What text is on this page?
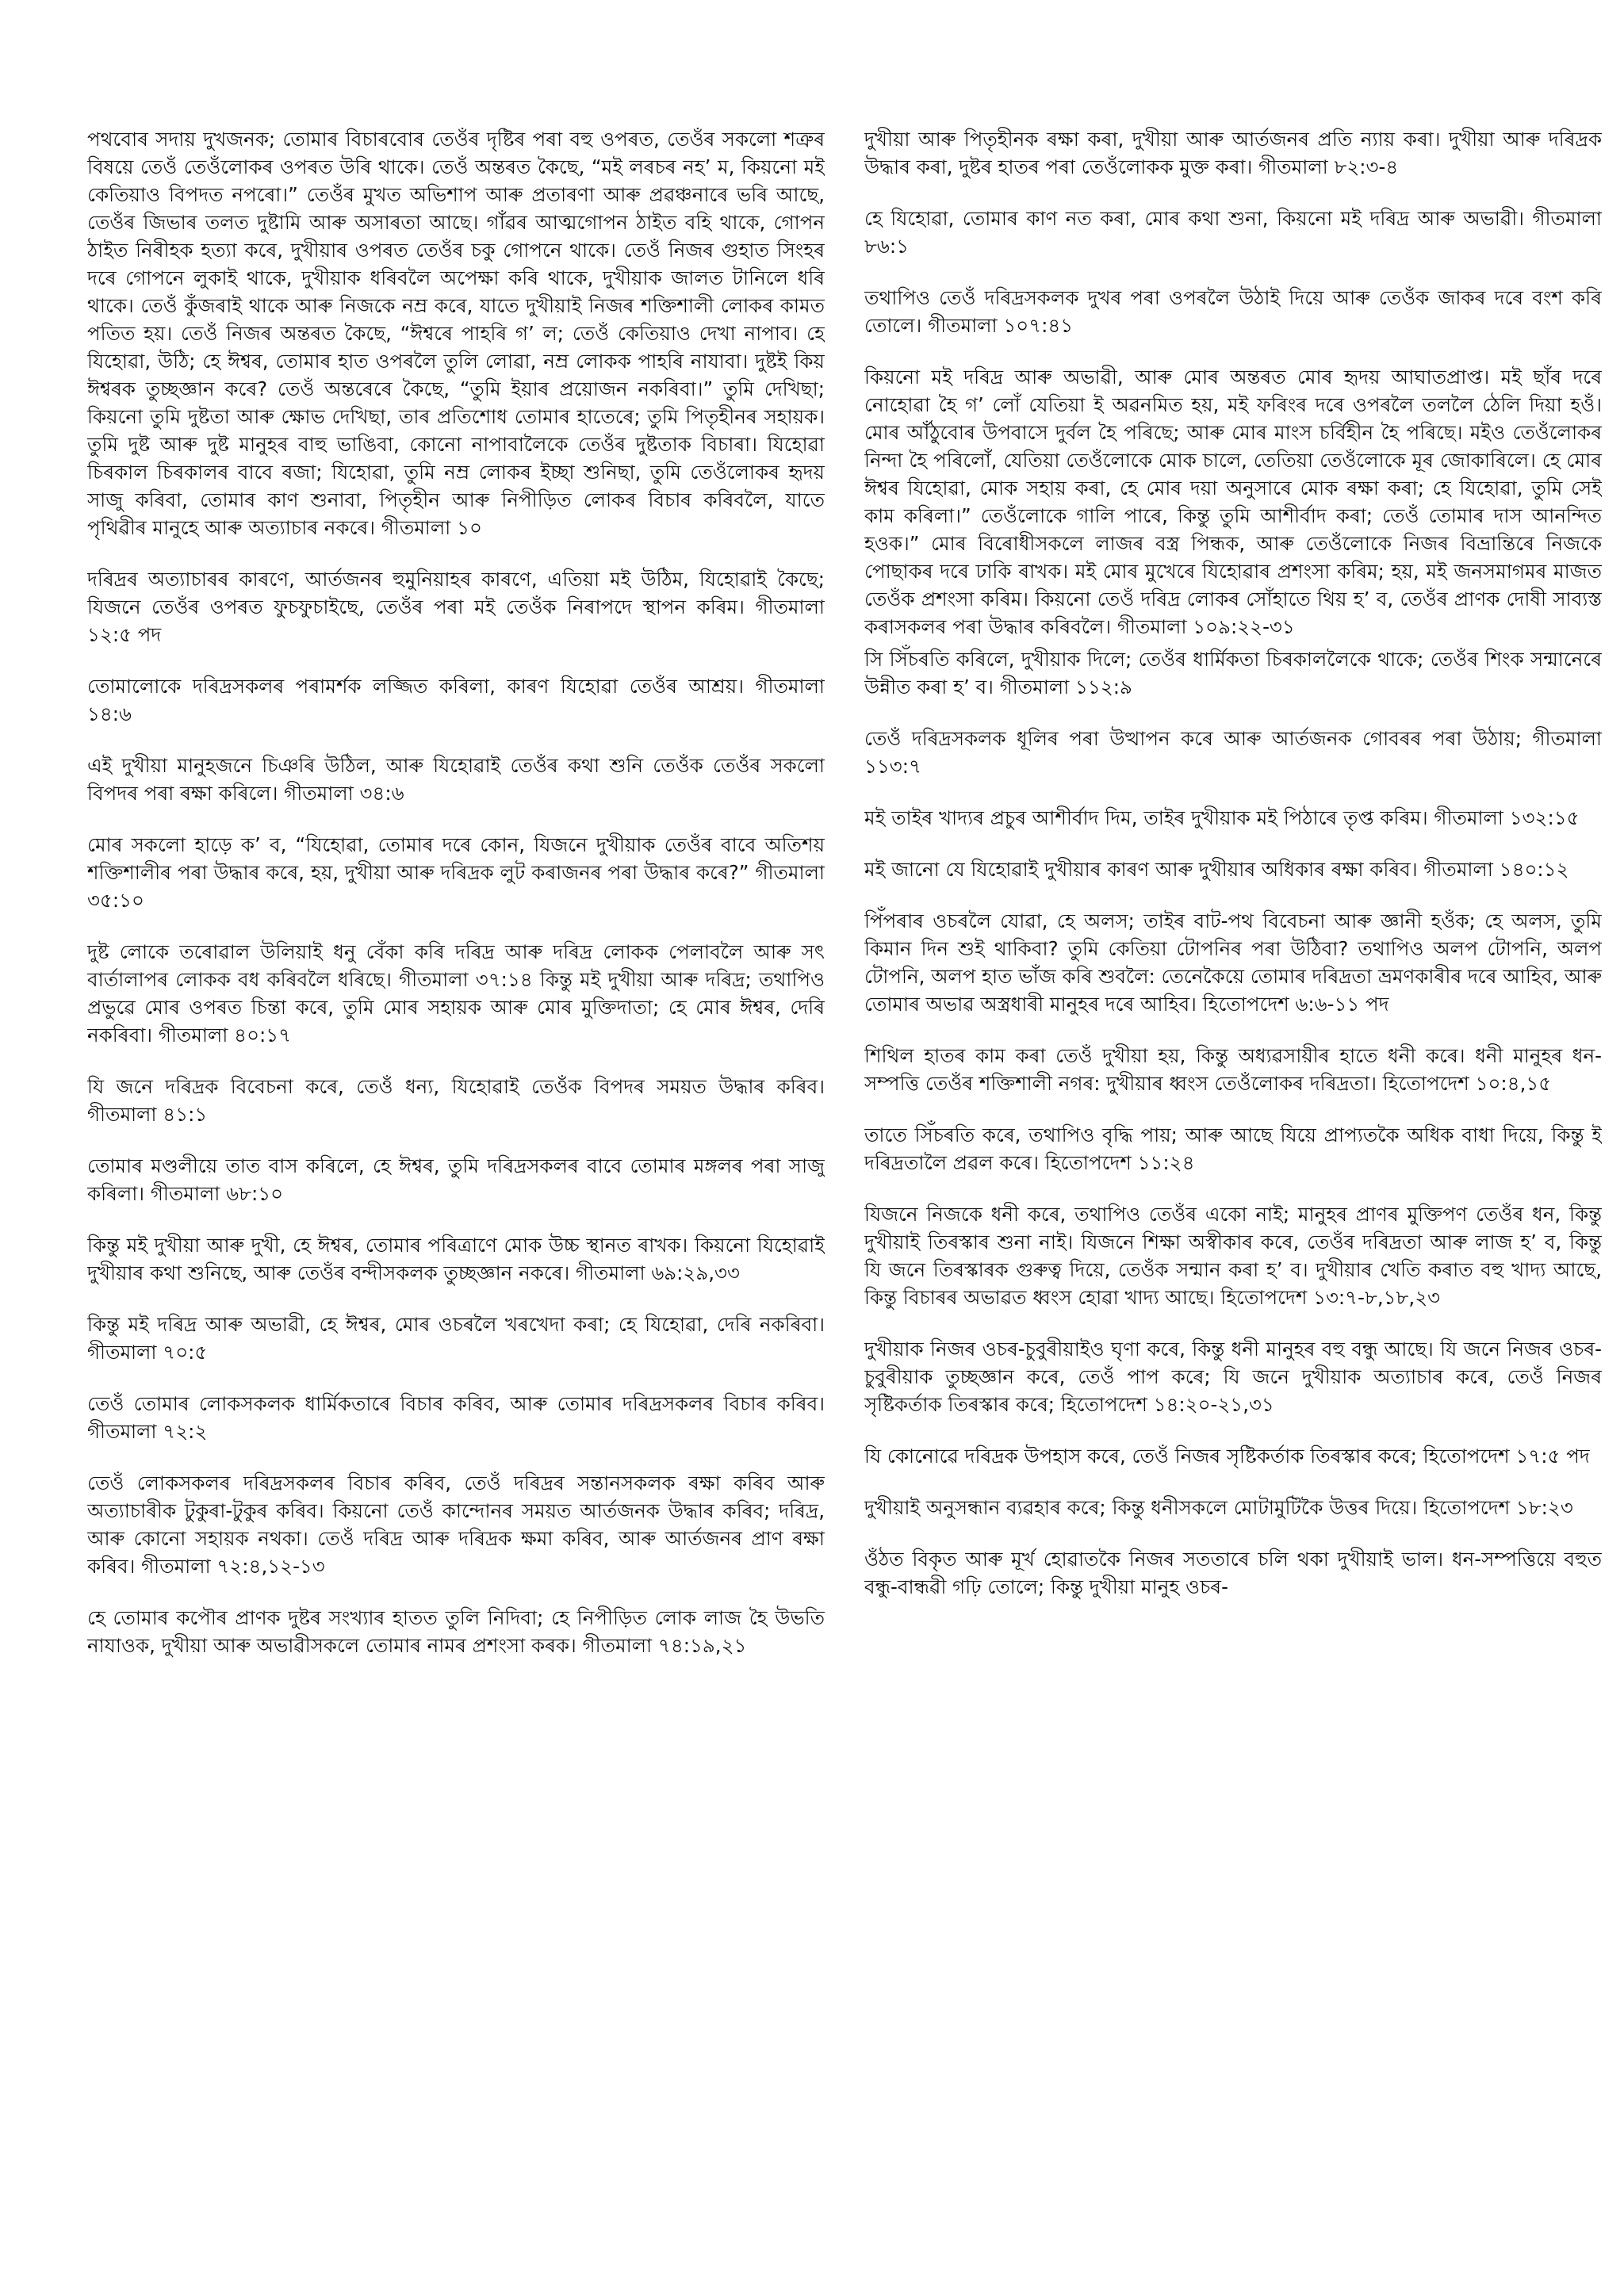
পথবোৰ সদায় দুখজনক; তোমাৰ বিচাৰবোৰ তেওঁৰ দৃষ্টিৰ পৰা বহু ওপৰত, তেওঁৰ সকলো শত্ৰুৰ বিষয়ে তেওঁ তেওঁলোকৰ ওপৰত উৰি থাকে। তেওঁ অন্তৰত কৈছে, “মই লৰচৰ নহ’ ম, কিয়নো মই কেতিয়াও বিপদত নপৰো।” তেওঁৰ মুখত অভিশাপ আৰু প্ৰতাৰণা আৰু প্ৰৱঞ্চনাৰে ভৰি আছে, তেওঁৰ জিভাৰ তলত দুষ্টামি আৰু অসাৰতা আছে। গাঁৱৰ আত্মগোপন ঠাইত বহি থাকে, গোপন ঠাইত নিৰীহক হত্যা কৰে, দুখীয়াৰ ওপৰত তেওঁৰ চকু গোপনে থাকে। তেওঁ নিজৰ গুহাত সিংহৰ দৰে গোপনে লুকাই থাকে, দুখীয়াক ধৰিবলৈ অপেক্ষা কৰি থাকে, দুখীয়াক জালত টানিলে ধৰি থাকে। তেওঁ কুঁজৰাই থাকে আৰু নিজকে নম্ৰ কৰে, যাতে দুখীয়াই নিজৰ শক্তিশালী লোকৰ কামত পতিত হয়। তেওঁ নিজৰ অন্তৰত কৈছে, “ঈশ্বৰে পাহৰি গ’ ল; তেওঁ কেতিয়াও দেখা নাপাব। হে যিহোৱা, উঠি; হে ঈশ্বৰ, তোমাৰ হাত ওপৰলৈ তুলি লোৱা, নম্ৰ লোকক পাহৰি নাযাবা। দুষ্টই কিয় ঈশ্বৰক তুচ্ছজ্ঞান কৰে? তেওঁ অন্তৰেৰে কৈছে, “তুমি ইয়াৰ প্ৰয়োজন নকৰিবা।” তুমি দেখিছা; কিয়নো তুমি দুষ্টতা আৰু ক্ষোভ দেখিছা, তাৰ প্ৰতিশোধ তোমাৰ হাতেৰে; তুমি পিতৃহীনৰ সহায়ক। তুমি দুষ্ট আৰু দুষ্ট মানুহৰ বাহু ভাঙিবা, কোনো নাপাবালৈকে তেওঁৰ দুষ্টতাক বিচাৰা। যিহোৱা চিৰকাল চিৰকালৰ বাবে ৰজা; যিহোৱা, তুমি নম্ৰ লোকৰ ইচ্ছা শুনিছা, তুমি তেওঁলোকৰ হৃদয় সাজু কৰিবা, তোমাৰ কাণ শুনাবা, পিতৃহীন আৰু নিপীড়িত লোকৰ বিচাৰ কৰিবলৈ, যাতে পৃথিৱীৰ মানুহে আৰু অত্যাচাৰ নকৰে। গীতমালা ১০

দৰিদ্ৰৰ অত্যাচাৰৰ কাৰণে, আৰ্তজনৰ হুমুনিয়াহৰ কাৰণে, এতিয়া মই উঠিম, যিহোৱাই কৈছে; যিজনে তেওঁৰ ওপৰত ফুচফুচাইছে, তেওঁৰ পৰা মই তেওঁক নিৰাপদে স্থাপন কৰিম। গীতমালা ১২:৫ পদ

তোমালোকে দৰিদ্ৰসকলৰ পৰামৰ্শক লজ্জিত কৰিলা, কাৰণ যিহোৱা তেওঁৰ আশ্ৰয়। গীতমালা ১৪:৬

এই দুখীয়া মানুহজনে চিঞৰি উঠিল, আৰু যিহোৱাই তেওঁৰ কথা শুনি তেওঁক তেওঁৰ সকলো বিপদৰ পৰা ৰক্ষা কৰিলে। গীতমালা ৩৪:৬

মোৰ সকলো হাড়ে ক’ ব, “যিহোৱা, তোমাৰ দৰে কোন, যিজনে দুখীয়াক তেওঁৰ বাবে অতিশয় শক্তিশালীৰ পৰা উদ্ধাৰ কৰে, হয়, দুখীয়া আৰু দৰিদ্ৰক লুট কৰাজনৰ পৰা উদ্ধাৰ কৰে?” গীতমালা ৩৫:১০

দুষ্ট লোকে তৰোৱাল উলিয়াই ধনু বেঁকা কৰি দৰিদ্ৰ আৰু দৰিদ্ৰ লোকক পেলাবলৈ আৰু সৎ বাৰ্তালাপৰ লোকক বধ কৰিবলৈ ধৰিছে। গীতমালা ৩৭:১৪ কিন্তু মই দুখীয়া আৰু দৰিদ্ৰ; তথাপিও প্ৰভুৱে মোৰ ওপৰত চিন্তা কৰে, তুমি মোৰ সহায়ক আৰু মোৰ মুক্তিদাতা; হে মোৰ ঈশ্বৰ, দেৰি নকৰিবা। গীতমালা ৪০:১৭

যি জনে দৰিদ্ৰক বিবেচনা কৰে, তেওঁ ধন্য, যিহোৱাই তেওঁক বিপদৰ সময়ত উদ্ধাৰ কৰিব। গীতমালা ৪১:১

তোমাৰ মণ্ডলীয়ে তাত বাস কৰিলে, হে ঈশ্বৰ, তুমি দৰিদ্ৰসকলৰ বাবে তোমাৰ মঙ্গলৰ পৰা সাজু কৰিলা। গীতমালা ৬৮:১০

কিন্তু মই দুখীয়া আৰু দুখী, হে ঈশ্বৰ, তোমাৰ পৰিত্ৰাণে মোক উচ্চ স্থানত ৰাখক। কিয়নো যিহোৱাই দুখীয়াৰ কথা শুনিছে, আৰু তেওঁৰ বন্দীসকলক তুচ্ছজ্ঞান নকৰে। গীতমালা ৬৯:২৯,৩৩

কিন্তু মই দৰিদ্ৰ আৰু অভাৱী, হে ঈশ্বৰ, মোৰ ওচৰলৈ খৰখেদা কৰা; হে যিহোৱা, দেৰি নকৰিবা। গীতমালা ৭০:৫

তেওঁ তোমাৰ লোকসকলক ধাৰ্মিকতাৰে বিচাৰ কৰিব, আৰু তোমাৰ দৰিদ্ৰসকলৰ বিচাৰ কৰিব। গীতমালা ৭২:২

তেওঁ লোকসকলৰ দৰিদ্ৰসকলৰ বিচাৰ কৰিব, তেওঁ দৰিদ্ৰৰ সন্তানসকলক ৰক্ষা কৰিব আৰু অত্যাচাৰীক টুকুৰা-টুকুৰ কৰিব। কিয়নো তেওঁ কান্দোনৰ সময়ত আৰ্তজনক উদ্ধাৰ কৰিব; দৰিদ্ৰ, আৰু কোনো সহায়ক নথকা। তেওঁ দৰিদ্ৰ আৰু দৰিদ্ৰক ক্ষমা কৰিব, আৰু আৰ্তজনৰ প্ৰাণ ৰক্ষা কৰিব। গীতমালা ৭২:৪,১২-১৩

হে তোমাৰ কপৌৰ প্ৰাণক দুষ্টৰ সংখ্যাৰ হাতত তুলি নিদিবা; হে নিপীড়িত লোক লাজ হৈ উভতি নাযাওক, দুখীয়া আৰু অভাৱীসকলে তোমাৰ নামৰ প্ৰশংসা কৰক। গীতমালা ৭৪:১৯,২১

দুখীয়া আৰু পিতৃহীনক ৰক্ষা কৰা, দুখীয়া আৰু আৰ্তজনৰ প্ৰতি ন্যায় কৰা। দুখীয়া আৰু দৰিদ্ৰক উদ্ধাৰ কৰা, দুষ্টৰ হাতৰ পৰা তেওঁলোকক মুক্ত কৰা। গীতমালা ৮২:৩-৪

হে যিহোৱা, তোমাৰ কাণ নত কৰা, মোৰ কথা শুনা, কিয়নো মই দৰিদ্ৰ আৰু অভাৱী। গীতমালা ৮৬:১

তথাপিও তেওঁ দৰিদ্ৰসকলক দুখৰ পৰা ওপৰলৈ উঠাই দিয়ে আৰু তেওঁক জাকৰ দৰে বংশ কৰি তোলে। গীতমালা ১০৭:৪১

কিয়নো মই দৰিদ্ৰ আৰু অভাৱী, আৰু মোৰ অন্তৰত মোৰ হৃদয় আঘাতপ্ৰাপ্ত। মই ছাঁৰ দৰে নোহোৱা হৈ গ’ লোঁ যেতিয়া ই অৱনমিত হয়, মই ফৰিংৰ দৰে ওপৰলৈ তললৈ ঠেলি দিয়া হওঁ। মোৰ আঁঠুবোৰ উপবাসে দুৰ্বল হৈ পৰিছে; আৰু মোৰ মাংস চৰ্বিহীন হৈ পৰিছে। মইও তেওঁলোকৰ নিন্দা হৈ পৰিলোঁ, যেতিয়া তেওঁলোকে মোক চালে, তেতিয়া তেওঁলোকে মূৰ জোকাৰিলে। হে মোৰ ঈশ্বৰ যিহোৱা, মোক সহায় কৰা, হে মোৰ দয়া অনুসাৰে মোক ৰক্ষা কৰা; হে যিহোৱা, তুমি সেই কাম কৰিলা।” তেওঁলোকে গালি পাৰে, কিন্তু তুমি আশীৰ্বাদ কৰা; তেওঁ তোমাৰ দাস আনন্দিত হওক।” মোৰ বিৰোধীসকলে লাজৰ বস্ত্ৰ পিন্ধক, আৰু তেওঁলোকে নিজৰ বিভ্ৰান্তিৰে নিজকে পোছাকৰ দৰে ঢাকি ৰাখক। মই মোৰ মুখেৰে যিহোৱাৰ প্ৰশংসা কৰিম; হয়, মই জনসমাগমৰ মাজত তেওঁক প্ৰশংসা কৰিম। কিয়নো তেওঁ দৰিদ্ৰ লোকৰ সোঁহাতে থিয় হ’ ব, তেওঁৰ প্ৰাণক দোষী সাব্যস্ত কৰাসকলৰ পৰা উদ্ধাৰ কৰিবলৈ। গীতমালা ১০৯:২২-৩১

সি সিঁচৰতি কৰিলে, দুখীয়াক দিলে; তেওঁৰ ধাৰ্মিকতা চিৰকাললৈকে থাকে; তেওঁৰ শিংক সন্মানেৰে উন্নীত কৰা হ’ ব। গীতমালা ১১২:৯

তেওঁ দৰিদ্ৰসকলক ধূলিৰ পৰা উত্থাপন কৰে আৰু আৰ্তজনক গোবৰৰ পৰা উঠায়; গীতমালা ১১৩:৭

মই তাইৰ খাদ্যৰ প্ৰচুৰ আশীৰ্বাদ দিম, তাইৰ দুখীয়াক মই পিঠাৰে তৃপ্ত কৰিম। গীতমালা ১৩২:১৫

মই জানো যে যিহোৱাই দুখীয়াৰ কাৰণ আৰু দুখীয়াৰ অধিকাৰ ৰক্ষা কৰিব। গীতমালা ১৪০:১২

পিঁপৰাৰ ওচৰলৈ যোৱা, হে অলস; তাইৰ বাট-পথ বিবেচনা আৰু জ্ঞানী হওঁক; হে অলস, তুমি কিমান দিন শুই থাকিবা? তুমি কেতিয়া টোপনিৰ পৰা উঠিবা? তথাপিও অলপ টোপনি, অলপ টোপনি, অলপ হাত ভাঁজ কৰি শুবলৈ: তেনেকৈয়ে তোমাৰ দৰিদ্ৰতা ভ্ৰমণকাৰীৰ দৰে আহিব, আৰু তোমাৰ অভাৱ অস্ত্ৰধাৰী মানুহৰ দৰে আহিব। হিতোপদেশ ৬:৬-১১ পদ

শিথিল হাতৰ কাম কৰা তেওঁ দুখীয়া হয়, কিন্তু অধ্যৱসায়ীৰ হাতে ধনী কৰে। ধনী মানুহৰ ধন-সম্পত্তি তেওঁৰ শক্তিশালী নগৰ: দুখীয়াৰ ধ্বংস তেওঁলোকৰ দৰিদ্ৰতা। হিতোপদেশ ১০:৪,১৫

তাতে সিঁচৰতি কৰে, তথাপিও বৃদ্ধি পায়; আৰু আছে যিয়ে প্ৰাপ্যতকৈ অধিক বাধা দিয়ে, কিন্তু ই দৰিদ্ৰতালৈ প্ৰৱল কৰে। হিতোপদেশ ১১:২৪

যিজনে নিজকে ধনী কৰে, তথাপিও তেওঁৰ একো নাই; মানুহৰ প্ৰাণৰ মুক্তিপণ তেওঁৰ ধন, কিন্তু দুখীয়াই তিৰস্কাৰ শুনা নাই। যিজনে শিক্ষা অস্বীকাৰ কৰে, তেওঁৰ দৰিদ্ৰতা আৰু লাজ হ’ ব, কিন্তু যি জনে তিৰস্কাৰক গুৰুত্ব দিয়ে, তেওঁক সন্মান কৰা হ’ ব। দুখীয়াৰ খেতি কৰাত বহু খাদ্য আছে, কিন্তু বিচাৰৰ অভাৱত ধ্বংস হোৱা খাদ্য আছে। হিতোপদেশ ১৩:৭-৮,১৮,২৩

দুখীয়াক নিজৰ ওচৰ-চুবুৰীয়াইও ঘৃণা কৰে, কিন্তু ধনী মানুহৰ বহু বন্ধু আছে। যি জনে নিজৰ ওচৰ-চুবুৰীয়াক তুচ্ছজ্ঞান কৰে, তেওঁ পাপ কৰে; যি জনে দুখীয়াক অত্যাচাৰ কৰে, তেওঁ নিজৰ সৃষ্টিকৰ্তাক তিৰস্কাৰ কৰে; হিতোপদেশ ১৪:২০-২১,৩১

যি কোনোৱে দৰিদ্ৰক উপহাস কৰে, তেওঁ নিজৰ সৃষ্টিকৰ্তাক তিৰস্কাৰ কৰে; হিতোপদেশ ১৭:৫ পদ

দুখীয়াই অনুসন্ধান ব্যৱহাৰ কৰে; কিন্তু ধনীসকলে মোটামুটিকৈ উত্তৰ দিয়ে। হিতোপদেশ ১৮:২৩

ওঁঠত বিকৃত আৰু মূৰ্খ হোৱাতকৈ নিজৰ সততাৰে চলি থকা দুখীয়াই ভাল। ধন-সম্পত্তিয়ে বহুত বন্ধু-বান্ধৱী গঢ়ি তোলে; কিন্তু দুখীয়া মানুহ ওচৰ-
